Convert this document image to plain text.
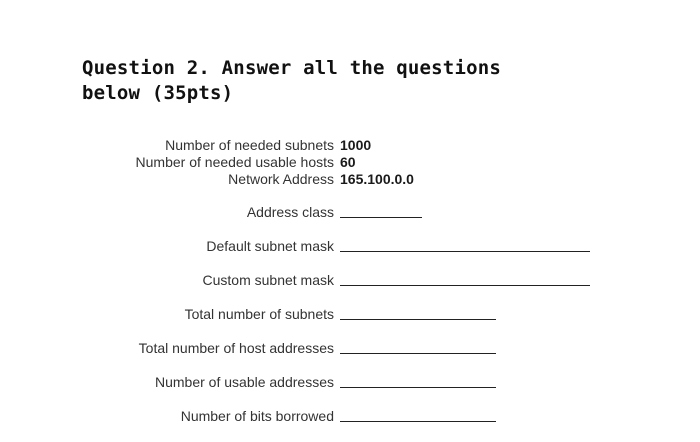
Question 2. Answer all the questions
below (35pts)
Number of needed subnets 1000
Number of needed usable hosts 60
Network Address 165.100.0.0
Address class
Default subnet mask
Custom subnet mask
Total number of subnets
Total number of host addresses
Number of usable addresses
Number of bits borrowed
